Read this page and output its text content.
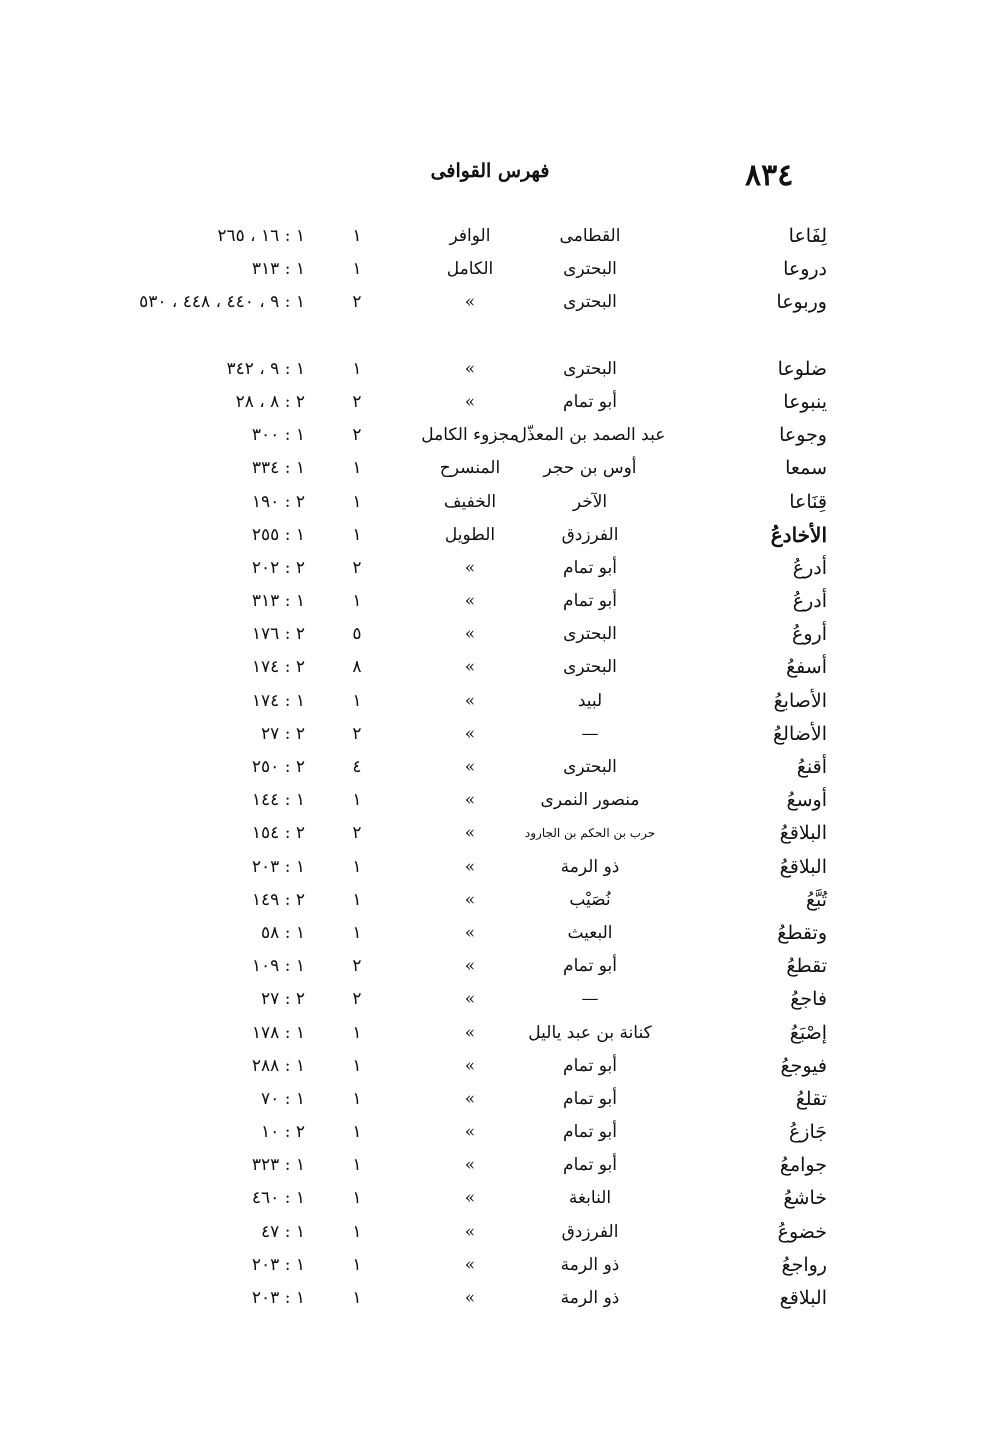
٨٣٤
فهرس القوافى
لِفَاعا
القطامى
الوافر
١
١ : ١٦ ، ٢٦٥
دروعا
البحترى
الكامل
١
١ : ٣١٣
وربوعا
البحترى
»
٢
١ : ٩ ، ٤٤٠ ، ٤٤٨ ، ٥٣٠
ضلوعا
البحترى
»
١
١ : ٩ ، ٣٤٢
ينبوعا
أبو تمام
»
٢
٢ : ٨ ، ٢٨
وجوعا
عبد الصمد بن المعذّل
مجزوء الكامل
٢
١ : ٣٠٠
سمعا
أوس بن حجر
المنسرح
١
١ : ٣٣٤
قِنَاعا
الآخر
الخفيف
١
٢ : ١٩٠
الأخادعُ
الفرزدق
الطويل
١
١ : ٢٥٥
أدرعُ
أبو تمام
»
٢
٢ : ٢٠٢
أدرعُ
أبو تمام
»
١
١ : ٣١٣
أروعُ
البحترى
»
٥
٢ : ١٧٦
أسفعُ
البحترى
»
٨
٢ : ١٧٤
الأصابعُ
لبيد
»
١
١ : ١٧٤
الأضالعُ
—
»
٢
٢ : ٢٧
أقنعُ
البحترى
»
٤
٢ : ٢٥٠
أوسعُ
منصور النمرى
»
١
١ : ١٤٤
البلاقعُ
حرب بن الحكم بن الجارود
»
٢
٢ : ١٥٤
البلاقعُ
ذو الرمة
»
١
١ : ٢٠٣
تُبَّعُ
نُصَيْب
»
١
٢ : ١٤٩
وتقطعُ
البعيث
»
١
١ : ٥٨
تقطعُ
أبو تمام
»
٢
١ : ١٠٩
فاجعُ
—
»
٢
٢ : ٢٧
إصْبَعُ
كنانة بن عبد ياليل
»
١
١ : ١٧٨
فيوجعُ
أبو تمام
»
١
١ : ٢٨٨
تقلعُ
أبو تمام
»
١
١ : ٧٠
جَازعُ
أبو تمام
»
١
٢ : ١٠
جوامعُ
أبو تمام
»
١
١ : ٣٢٣
خاشعُ
النابغة
»
١
١ : ٤٦٠
خضوعُ
الفرزدق
»
١
١ : ٤٧
رواجعُ
ذو الرمة
»
١
١ : ٢٠٣
البلاقع
ذو الرمة
»
١
١ : ٢٠٣
